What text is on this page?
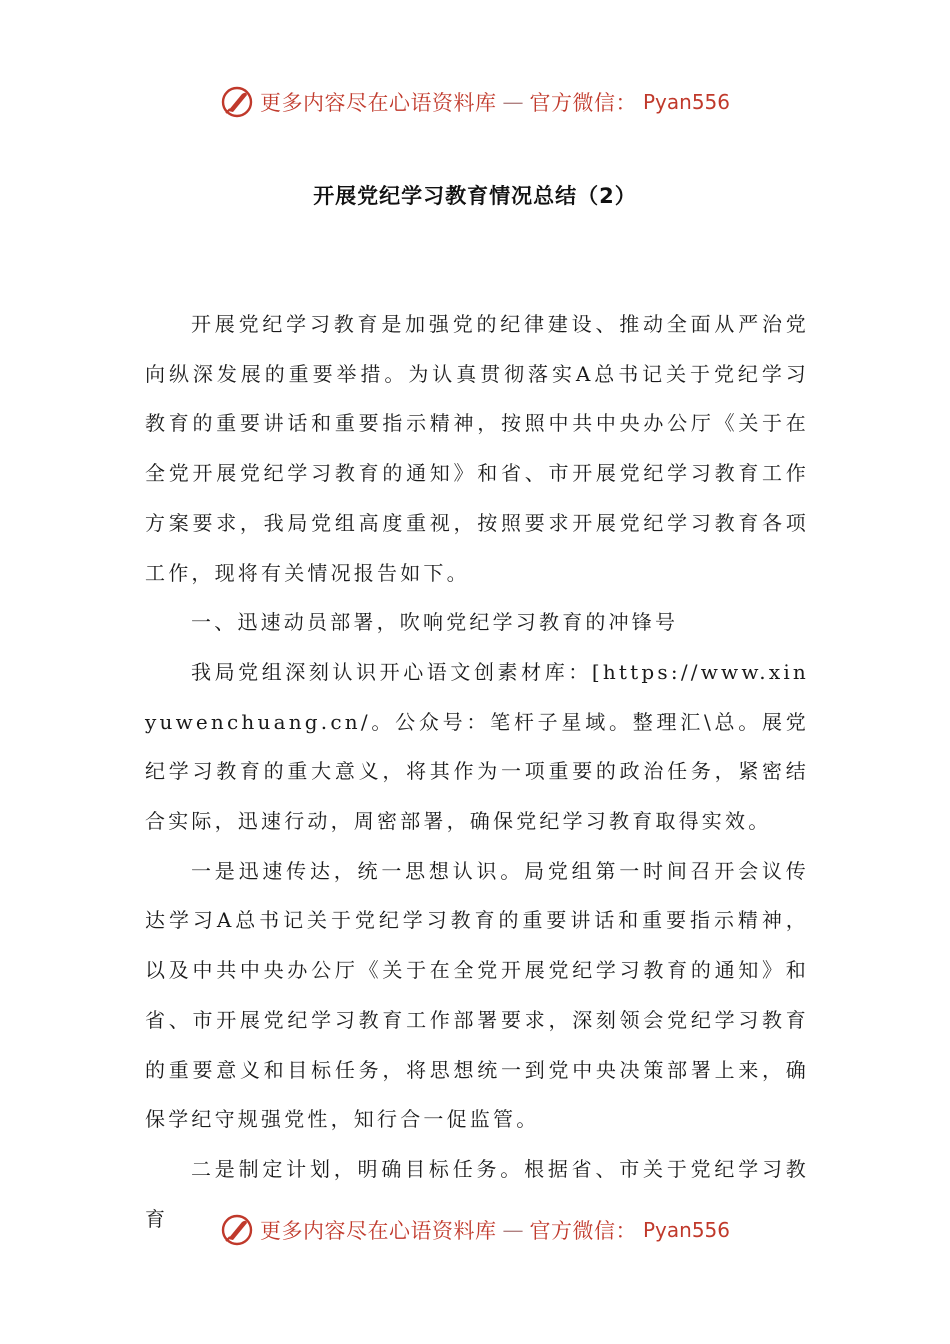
更多内容尽在心语资料库 — 官方微信： Pyan556
开展党纪学习教育情况总结（2）

开展党纪学习教育是加强党的纪律建设、推动全面从严治党向纵深发展的重要举措。为认真贯彻落实A总书记关于党纪学习教育的重要讲话和重要指示精神，按照中共中央办公厅《关于在全党开展党纪学习教育的通知》和省、市开展党纪学习教育工作方案要求，我局党组高度重视，按照要求开展党纪学习教育各项工作，现将有关情况报告如下。

一、迅速动员部署，吹响党纪学习教育的冲锋号

我局党组深刻认识开心语文创素材库：[https://www.xinyuwenchuang.cn/。公众号：笔杆子星域。整理汇\总。展党纪学习教育的重大意义，将其作为一项重要的政治任务，紧密结合实际，迅速行动，周密部署，确保党纪学习教育取得实效。

一是迅速传达，统一思想认识。局党组第一时间召开会议传达学习A总书记关于党纪学习教育的重要讲话和重要指示精神，以及中共中央办公厅《关于在全党开展党纪学习教育的通知》和省、市开展党纪学习教育工作部署要求，深刻领会党纪学习教育的重要意义和目标任务，将思想统一到党中央决策部署上来，确保学纪守规强党性，知行合一促监管。

二是制定计划，明确目标任务。根据省、市关于党纪学习教育

更多内容尽在心语资料库 — 官方微信： Pyan556
